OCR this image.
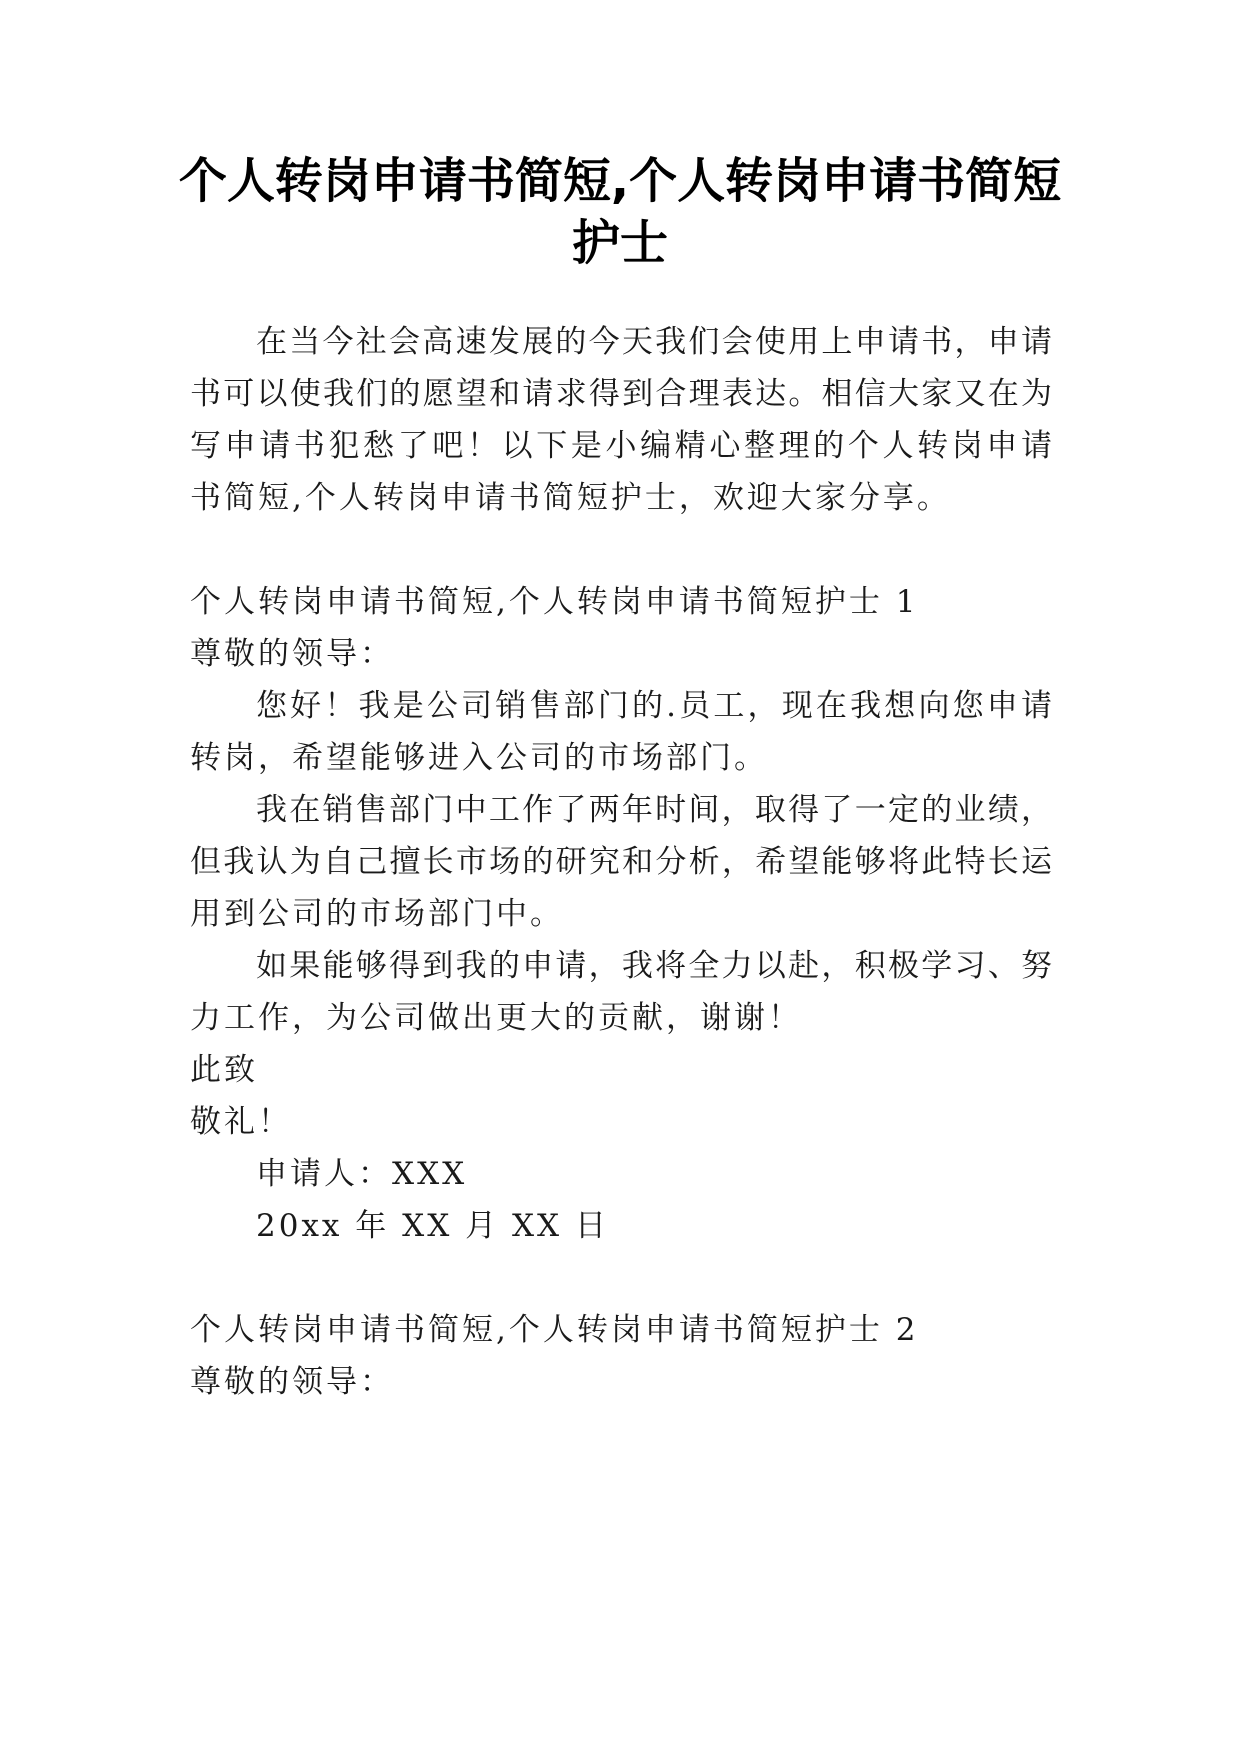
个人转岗申请书简短,个人转岗申请书简短
护士

在当今社会高速发展的今天我们会使用上申请书，申请

书可以使我们的愿望和请求得到合理表达。相信大家又在为

写申请书犯愁了吧！以下是小编精心整理的个人转岗申请

书简短,个人转岗申请书简短护士，欢迎大家分享。

个人转岗申请书简短,个人转岗申请书简短护士 1

尊敬的领导：

您好！我是公司销售部门的.员工，现在我想向您申请

转岗，希望能够进入公司的市场部门。

我在销售部门中工作了两年时间，取得了一定的业绩，

但我认为自己擅长市场的研究和分析，希望能够将此特长运

用到公司的市场部门中。

如果能够得到我的申请，我将全力以赴，积极学习、努

力工作，为公司做出更大的贡献，谢谢！

此致

敬礼！

申请人：XXX

20xx 年 XX 月 XX 日

个人转岗申请书简短,个人转岗申请书简短护士 2

尊敬的领导：
